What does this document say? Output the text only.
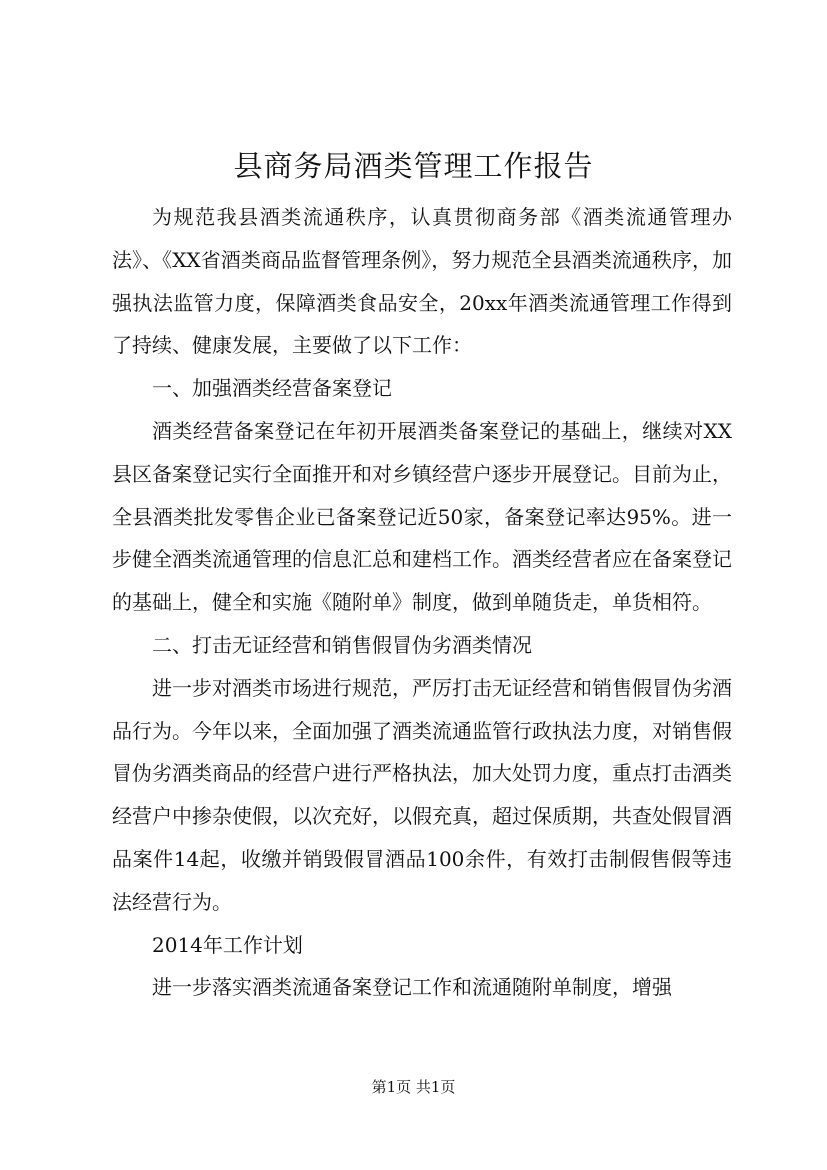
县商务局酒类管理工作报告

为规范我县酒类流通秩序，认真贯彻商务部《酒类流通管理办法》、《XX省酒类商品监督管理条例》，努力规范全县酒类流通秩序，加强执法监管力度，保障酒类食品安全，20xx年酒类流通管理工作得到了持续、健康发展，主要做了以下工作：

一、加强酒类经营备案登记

酒类经营备案登记在年初开展酒类备案登记的基础上，继续对XX县区备案登记实行全面推开和对乡镇经营户逐步开展登记。目前为止，全县酒类批发零售企业已备案登记近50家，备案登记率达95%。进一步健全酒类流通管理的信息汇总和建档工作。酒类经营者应在备案登记的基础上，健全和实施《随附单》制度，做到单随货走，单货相符。

二、打击无证经营和销售假冒伪劣酒类情况

进一步对酒类市场进行规范，严厉打击无证经营和销售假冒伪劣酒品行为。今年以来，全面加强了酒类流通监管行政执法力度，对销售假冒伪劣酒类商品的经营户进行严格执法，加大处罚力度，重点打击酒类经营户中掺杂使假，以次充好，以假充真，超过保质期，共查处假冒酒品案件14起，收缴并销毁假冒酒品100余件，有效打击制假售假等违法经营行为。

2014年工作计划

进一步落实酒类流通备案登记工作和流通随附单制度，增强

第1页 共1页
